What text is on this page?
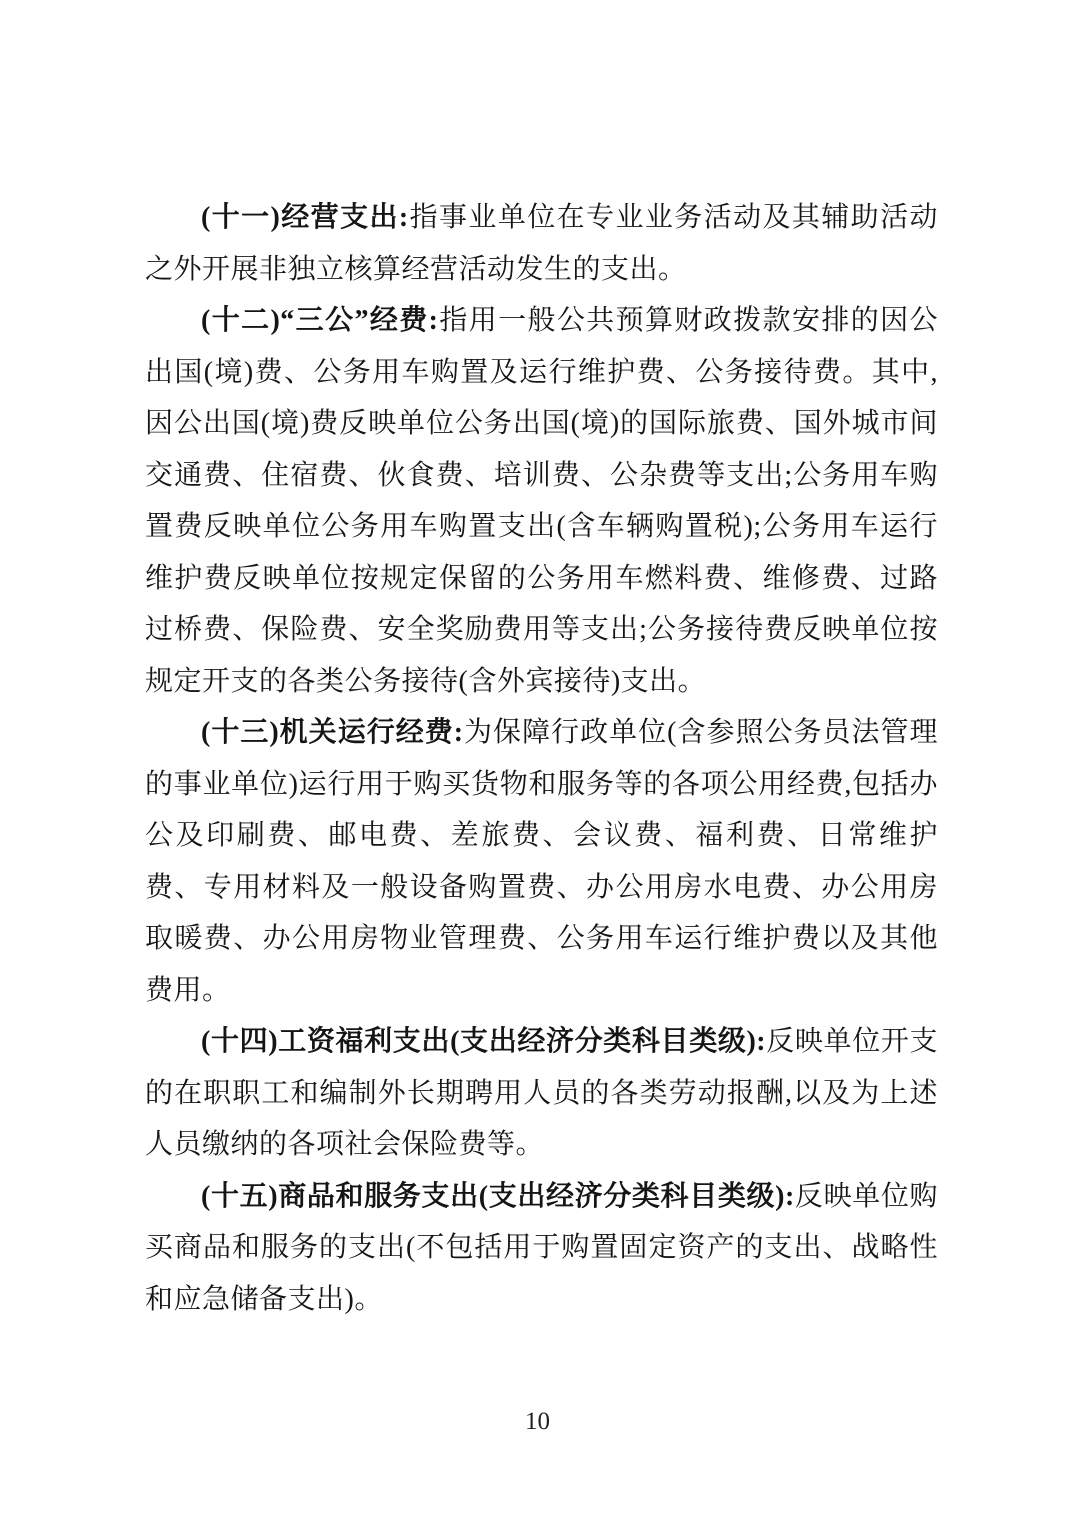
(十一)经营支出:指事业单位在专业业务活动及其辅助活动之外开展非独立核算经营活动发生的支出。

(十二)“三公”经费:指用一般公共预算财政拨款安排的因公出国(境)费、公务用车购置及运行维护费、公务接待费。其中,因公出国(境)费反映单位公务出国(境)的国际旅费、国外城市间交通费、住宿费、伙食费、培训费、公杂费等支出;公务用车购置费反映单位公务用车购置支出(含车辆购置税);公务用车运行维护费反映单位按规定保留的公务用车燃料费、维修费、过路过桥费、保险费、安全奖励费用等支出;公务接待费反映单位按规定开支的各类公务接待(含外宾接待)支出。

(十三)机关运行经费:为保障行政单位(含参照公务员法管理的事业单位)运行用于购买货物和服务等的各项公用经费,包括办公及印刷费、邮电费、差旅费、会议费、福利费、日常维护费、专用材料及一般设备购置费、办公用房水电费、办公用房取暖费、办公用房物业管理费、公务用车运行维护费以及其他费用。

(十四)工资福利支出(支出经济分类科目类级):反映单位开支的在职职工和编制外长期聘用人员的各类劳动报酬,以及为上述人员缴纳的各项社会保险费等。

(十五)商品和服务支出(支出经济分类科目类级):反映单位购买商品和服务的支出(不包括用于购置固定资产的支出、战略性和应急储备支出)。

10
